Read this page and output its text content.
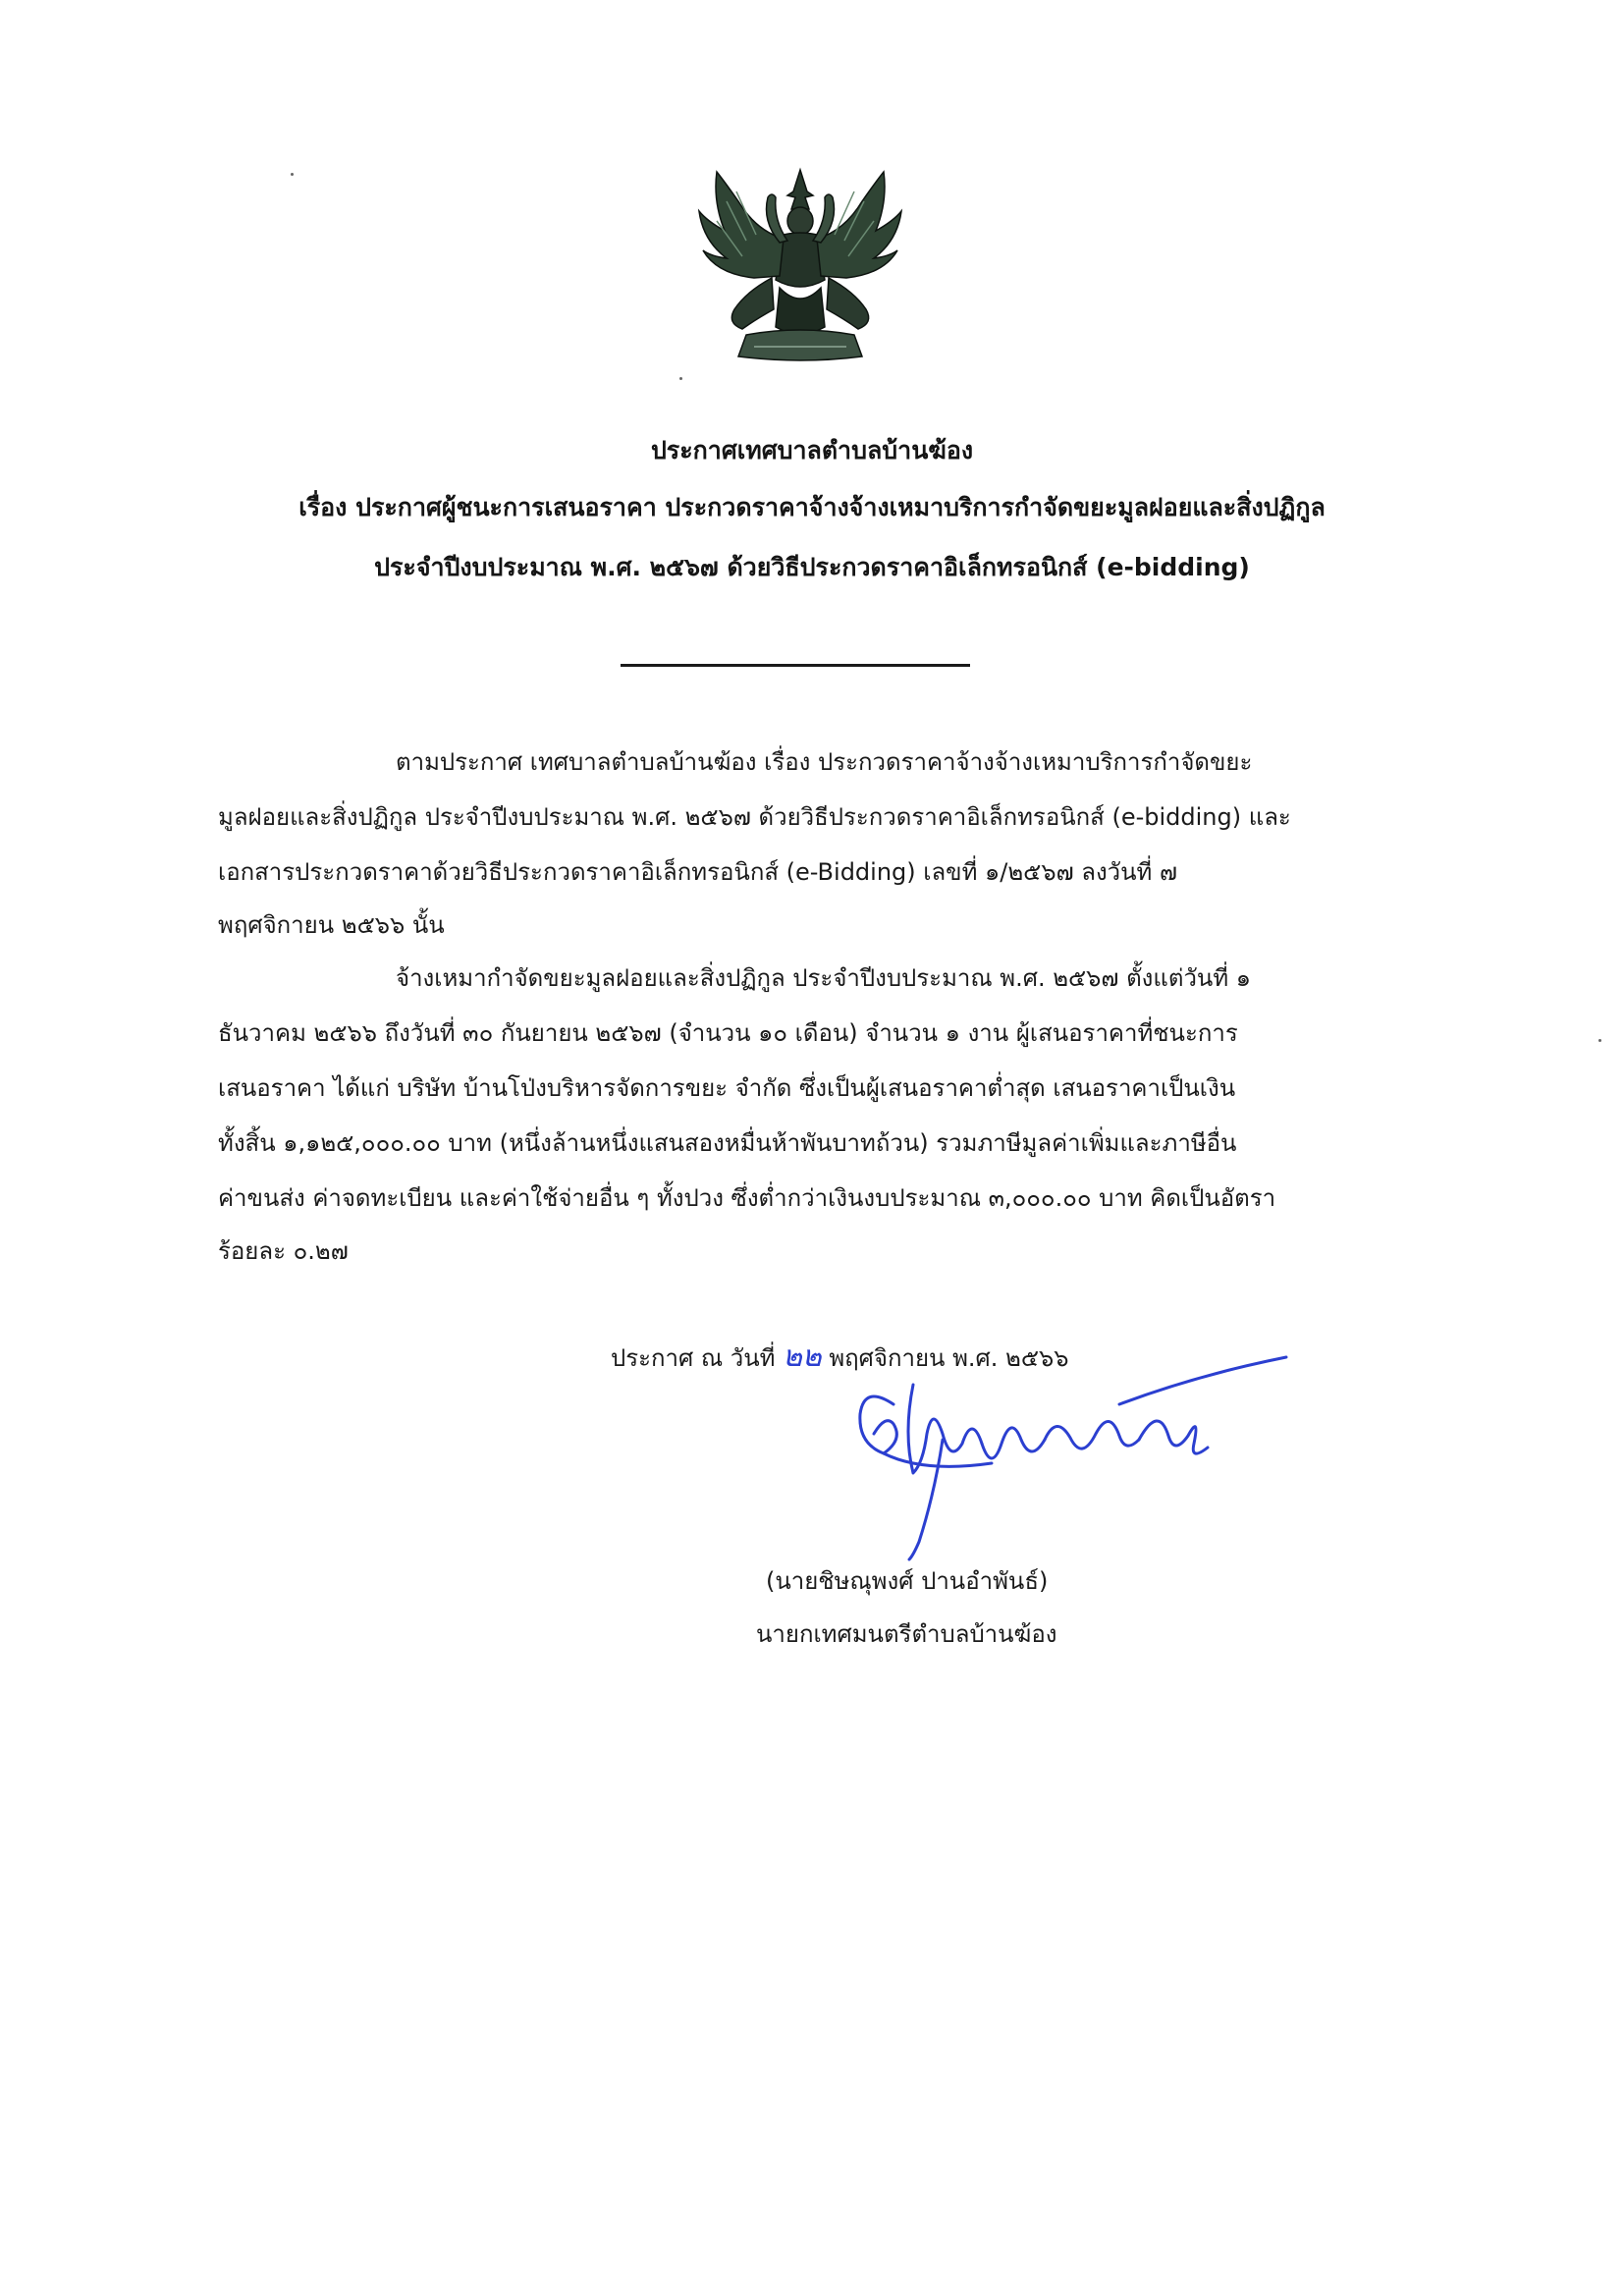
ประกาศเทศบาลตำบลบ้านฆ้อง
เรื่อง ประกาศผู้ชนะการเสนอราคา ประกวดราคาจ้างจ้างเหมาบริการกำจัดขยะมูลฝอยและสิ่งปฏิกูล
ประจำปีงบประมาณ พ.ศ. ๒๕๖๗ ด้วยวิธีประกวดราคาอิเล็กทรอนิกส์ (e-bidding)
ตามประกาศ เทศบาลตำบลบ้านฆ้อง เรื่อง ประกวดราคาจ้างจ้างเหมาบริการกำจัดขยะ
มูลฝอยและสิ่งปฏิกูล ประจำปีงบประมาณ พ.ศ. ๒๕๖๗ ด้วยวิธีประกวดราคาอิเล็กทรอนิกส์ (e-bidding) และ
เอกสารประกวดราคาด้วยวิธีประกวดราคาอิเล็กทรอนิกส์ (e-Bidding) เลขที่ ๑/๒๕๖๗ ลงวันที่ ๗
พฤศจิกายน ๒๕๖๖ นั้น
จ้างเหมากำจัดขยะมูลฝอยและสิ่งปฏิกูล ประจำปีงบประมาณ พ.ศ. ๒๕๖๗ ตั้งแต่วันที่ ๑
ธันวาคม ๒๕๖๖ ถึงวันที่ ๓๐ กันยายน ๒๕๖๗ (จำนวน ๑๐ เดือน) จำนวน ๑ งาน ผู้เสนอราคาที่ชนะการ
เสนอราคา ได้แก่ บริษัท บ้านโป่งบริหารจัดการขยะ จำกัด ซึ่งเป็นผู้เสนอราคาต่ำสุด เสนอราคาเป็นเงิน
ทั้งสิ้น ๑,๑๒๕,๐๐๐.๐๐ บาท (หนึ่งล้านหนึ่งแสนสองหมื่นห้าพันบาทถ้วน) รวมภาษีมูลค่าเพิ่มและภาษีอื่น
ค่าขนส่ง ค่าจดทะเบียน และค่าใช้จ่ายอื่น ๆ ทั้งปวง ซึ่งต่ำกว่าเงินงบประมาณ ๓,๐๐๐.๐๐ บาท คิดเป็นอัตรา
ร้อยละ ๐.๒๗
ประกาศ ณ วันที่ ๒๒ พฤศจิกายน พ.ศ. ๒๕๖๖
(นายชิษณุพงศ์ ปานอำพันธ์)
นายกเทศมนตรีตำบลบ้านฆ้อง
